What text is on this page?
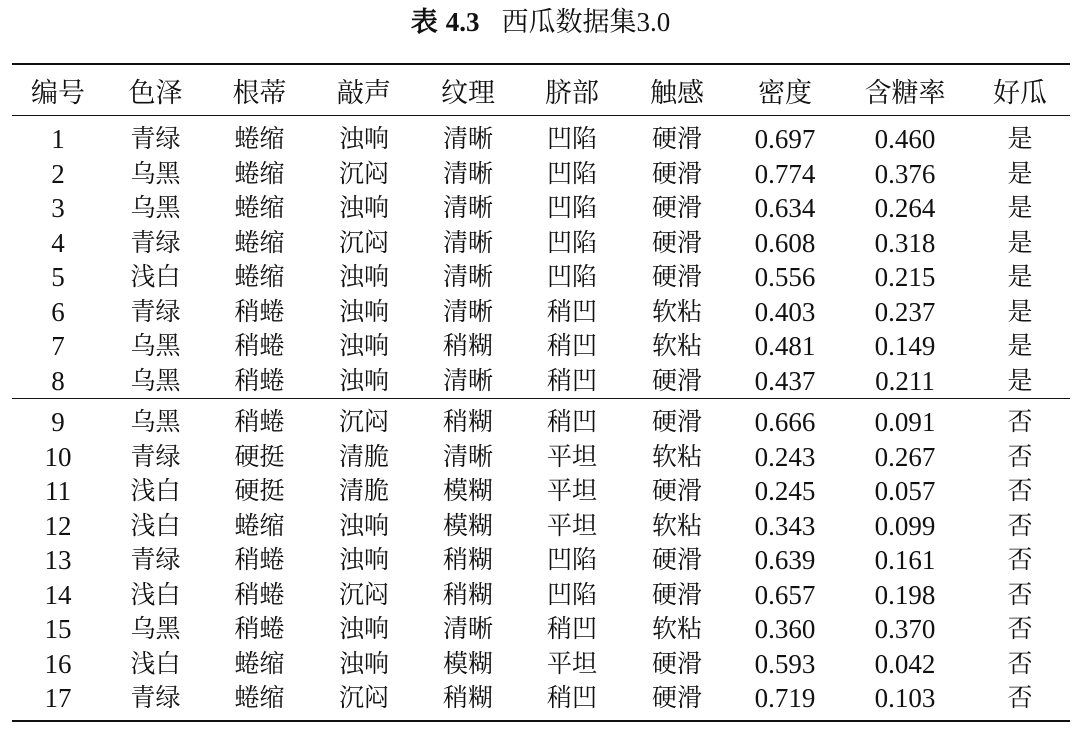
表 4.3 西瓜数据集3.0
编号	色泽	根蒂	敲声	纹理	脐部	触感	密度	含糖率	好瓜
1	青绿	蜷缩	浊响	清晰	凹陷	硬滑	0.697	0.460	是
2	乌黑	蜷缩	沉闷	清晰	凹陷	硬滑	0.774	0.376	是
3	乌黑	蜷缩	浊响	清晰	凹陷	硬滑	0.634	0.264	是
4	青绿	蜷缩	沉闷	清晰	凹陷	硬滑	0.608	0.318	是
5	浅白	蜷缩	浊响	清晰	凹陷	硬滑	0.556	0.215	是
6	青绿	稍蜷	浊响	清晰	稍凹	软粘	0.403	0.237	是
7	乌黑	稍蜷	浊响	稍糊	稍凹	软粘	0.481	0.149	是
8	乌黑	稍蜷	浊响	清晰	稍凹	硬滑	0.437	0.211	是
9	乌黑	稍蜷	沉闷	稍糊	稍凹	硬滑	0.666	0.091	否
10	青绿	硬挺	清脆	清晰	平坦	软粘	0.243	0.267	否
11	浅白	硬挺	清脆	模糊	平坦	硬滑	0.245	0.057	否
12	浅白	蜷缩	浊响	模糊	平坦	软粘	0.343	0.099	否
13	青绿	稍蜷	浊响	稍糊	凹陷	硬滑	0.639	0.161	否
14	浅白	稍蜷	沉闷	稍糊	凹陷	硬滑	0.657	0.198	否
15	乌黑	稍蜷	浊响	清晰	稍凹	软粘	0.360	0.370	否
16	浅白	蜷缩	浊响	模糊	平坦	硬滑	0.593	0.042	否
17	青绿	蜷缩	沉闷	稍糊	稍凹	硬滑	0.719	0.103	否
